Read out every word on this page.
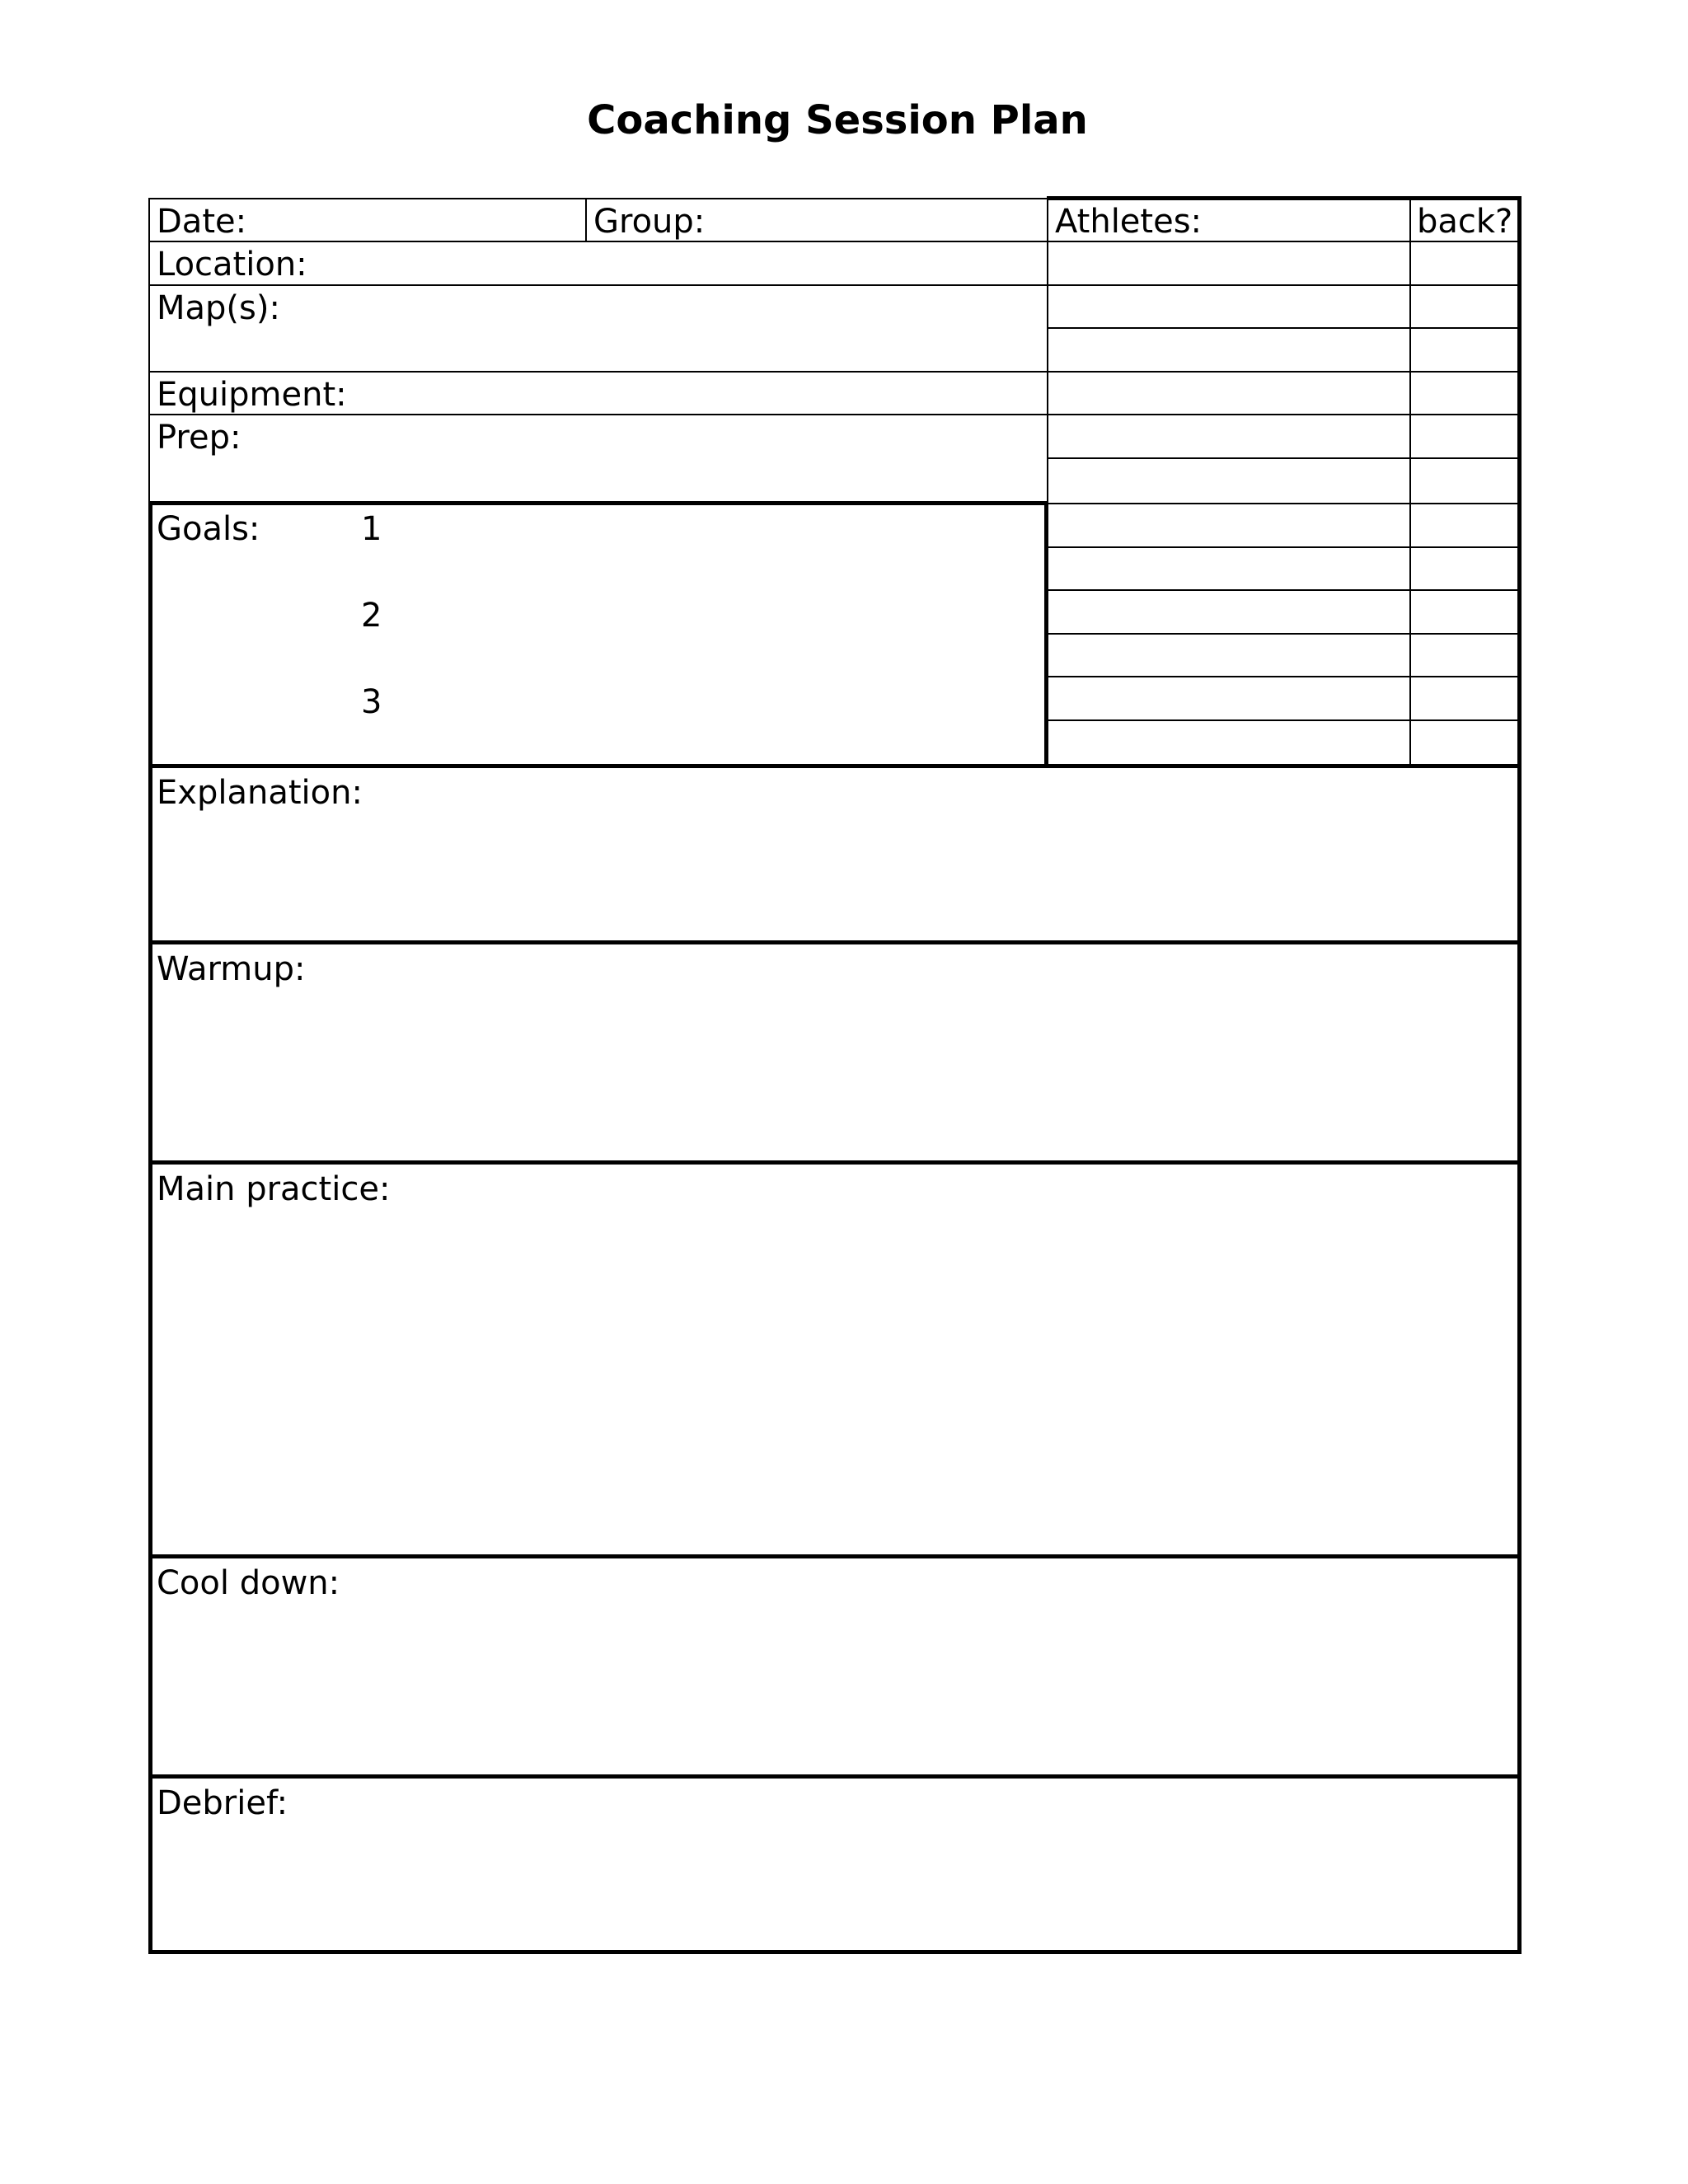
Coaching Session Plan
Date:	Group:
Location:
Map(s):
Equipment:
Prep:
Athletes:	back?
Goals:	1
2
3
Explanation:
Warmup:
Main practice:
Cool down:
Debrief:
